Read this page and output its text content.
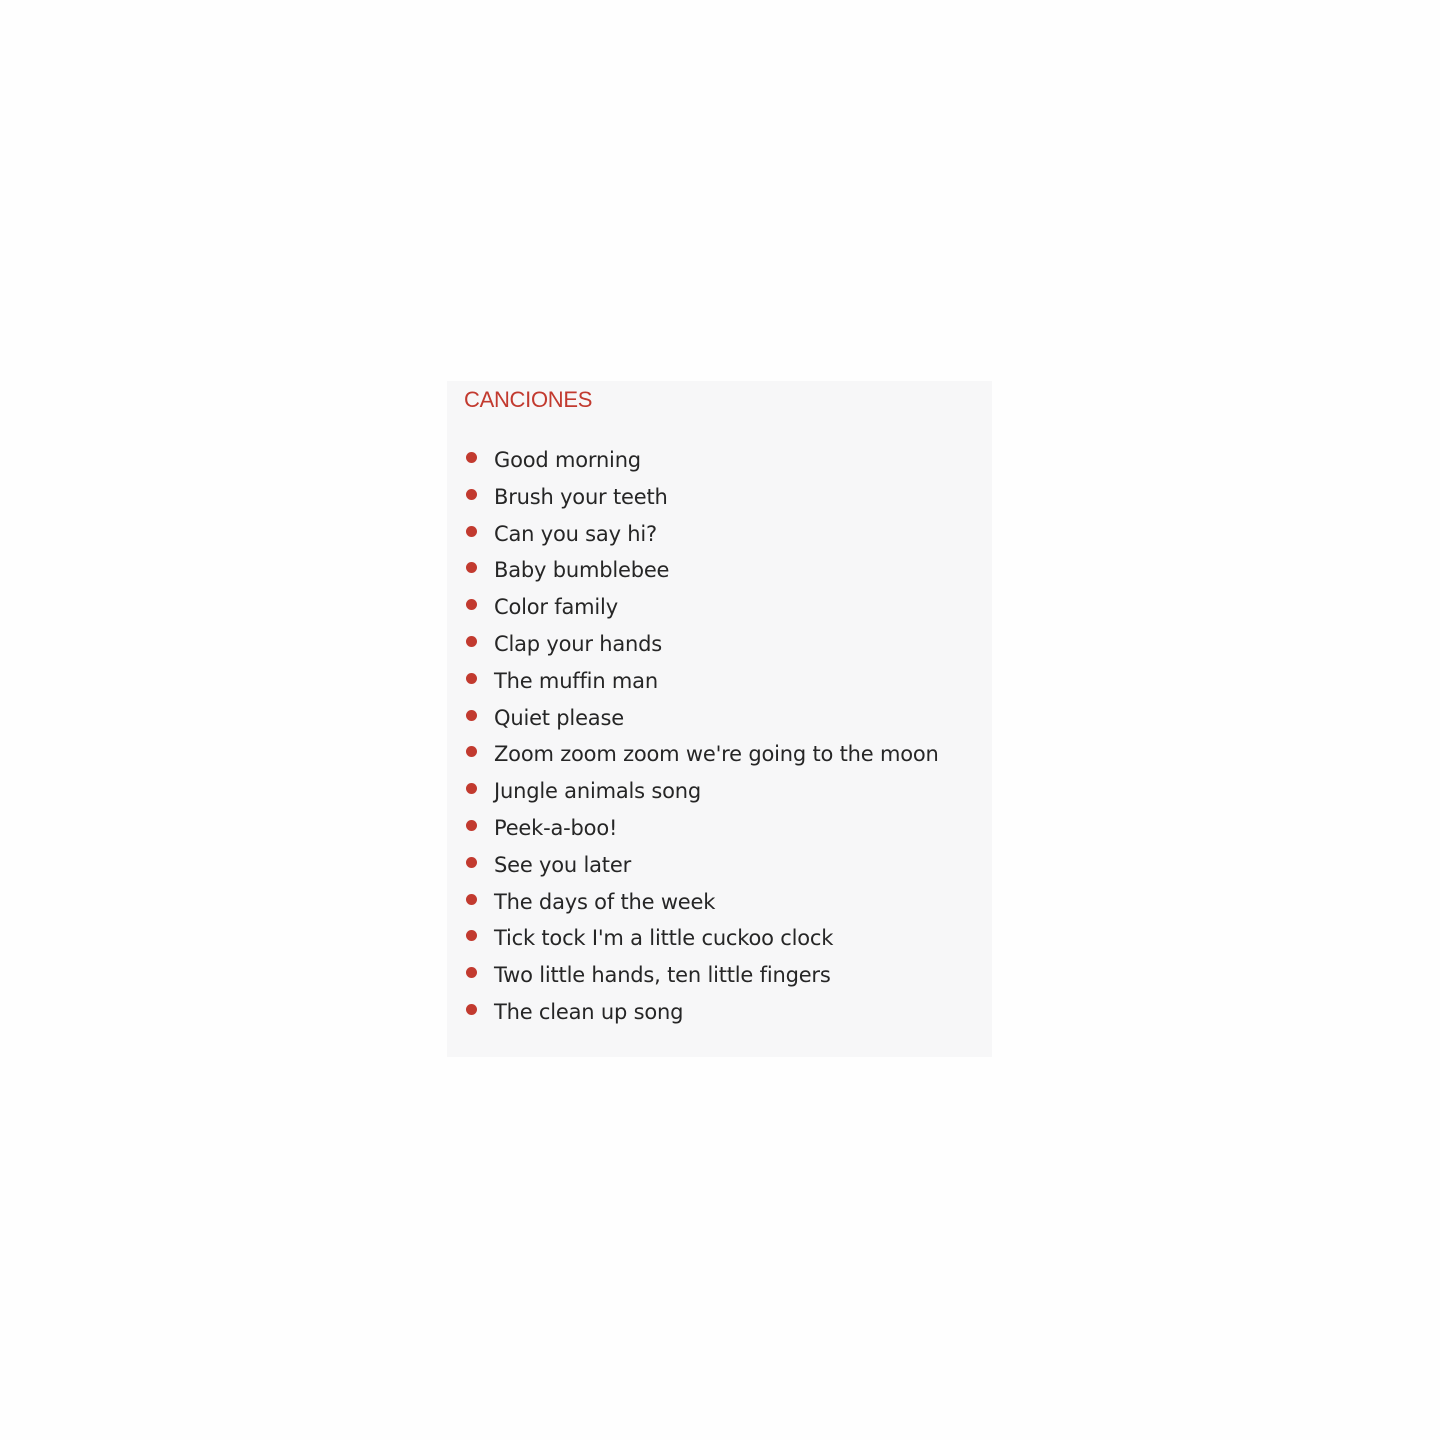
CANCIONES
Good morning
Brush your teeth
Can you say hi?
Baby bumblebee
Color family
Clap your hands
The muffin man
Quiet please
Zoom zoom zoom we're going to the moon
Jungle animals song
Peek-a-boo!
See you later
The days of the week
Tick tock I'm a little cuckoo clock
Two little hands, ten little fingers
The clean up song
